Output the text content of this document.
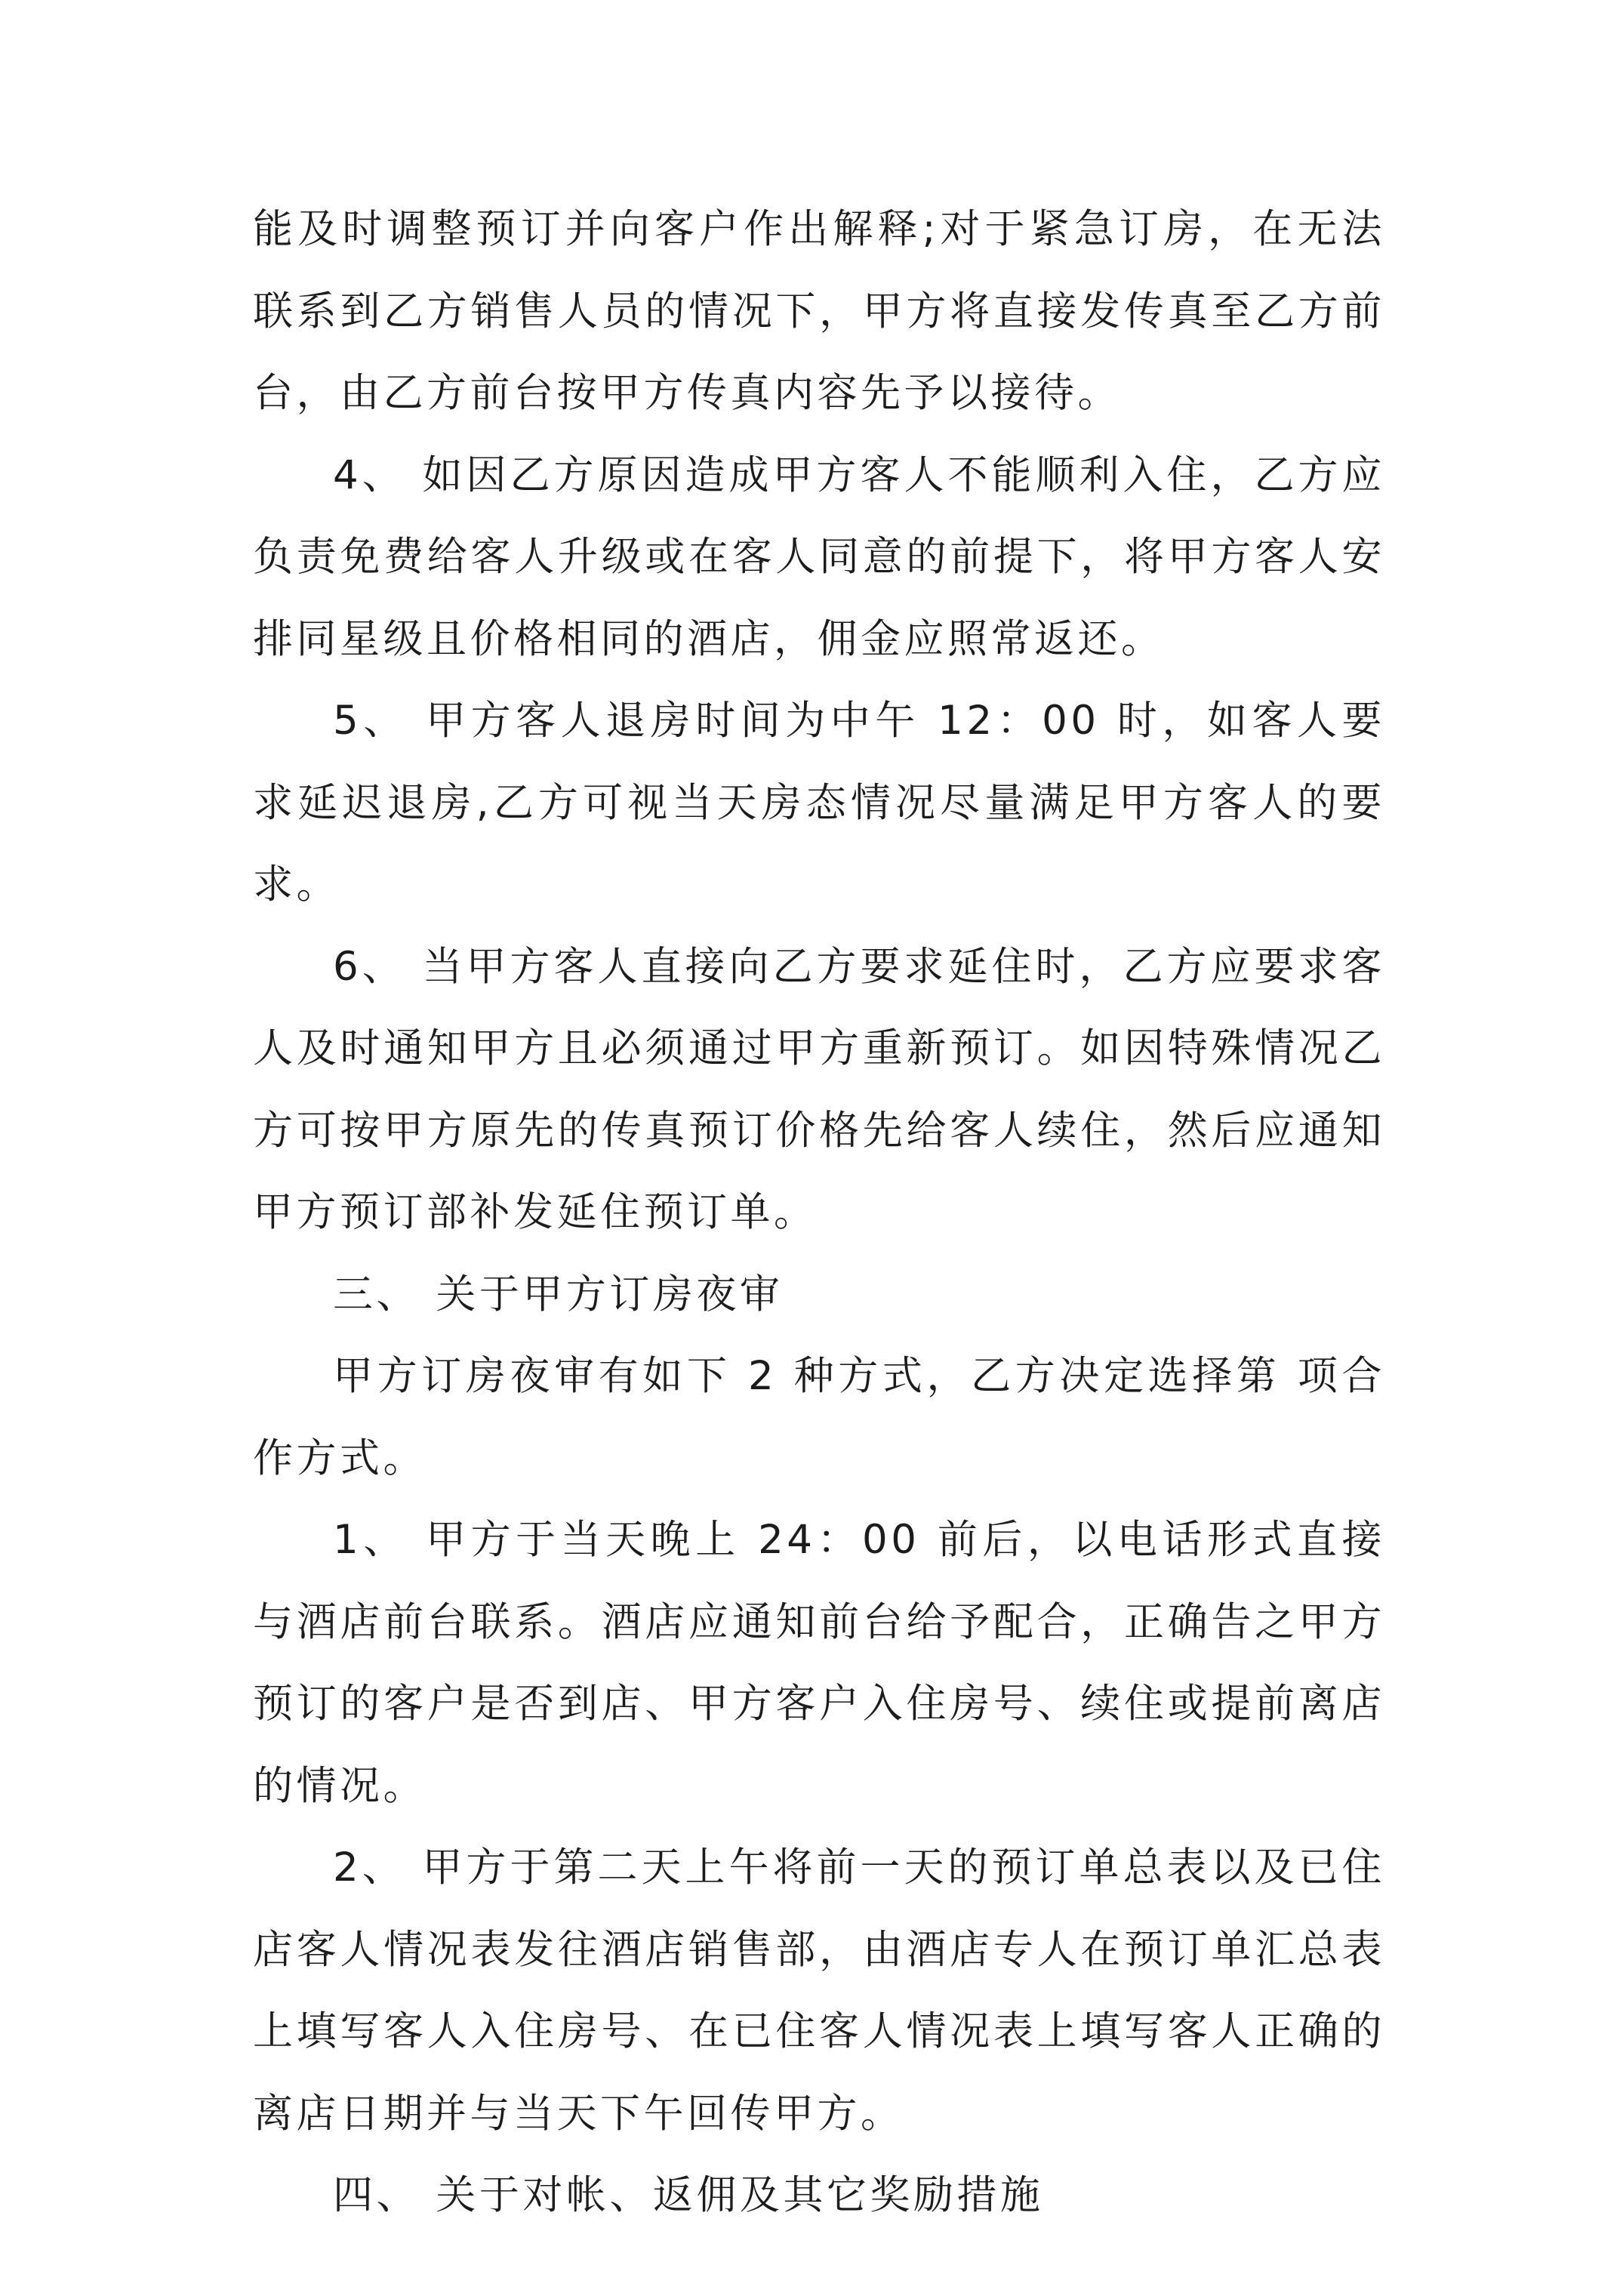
能及时调整预订并向客户作出解释;对于紧急订房，在无法联系到乙方销售人员的情况下，甲方将直接发传真至乙方前台，由乙方前台按甲方传真内容先予以接待。

4、 如因乙方原因造成甲方客人不能顺利入住，乙方应负责免费给客人升级或在客人同意的前提下，将甲方客人安排同星级且价格相同的酒店，佣金应照常返还。

5、 甲方客人退房时间为中午 12：00 时，如客人要求延迟退房,乙方可视当天房态情况尽量满足甲方客人的要求。

6、 当甲方客人直接向乙方要求延住时，乙方应要求客人及时通知甲方且必须通过甲方重新预订。如因特殊情况乙方可按甲方原先的传真预订价格先给客人续住，然后应通知甲方预订部补发延住预订单。

三、 关于甲方订房夜审

甲方订房夜审有如下 2 种方式，乙方决定选择第 项合作方式。

1、 甲方于当天晚上 24：00 前后，以电话形式直接与酒店前台联系。酒店应通知前台给予配合，正确告之甲方预订的客户是否到店、甲方客户入住房号、续住或提前离店的情况。

2、 甲方于第二天上午将前一天的预订单总表以及已住店客人情况表发往酒店销售部，由酒店专人在预订单汇总表上填写客人入住房号、在已住客人情况表上填写客人正确的离店日期并与当天下午回传甲方。

四、 关于对帐、返佣及其它奖励措施
